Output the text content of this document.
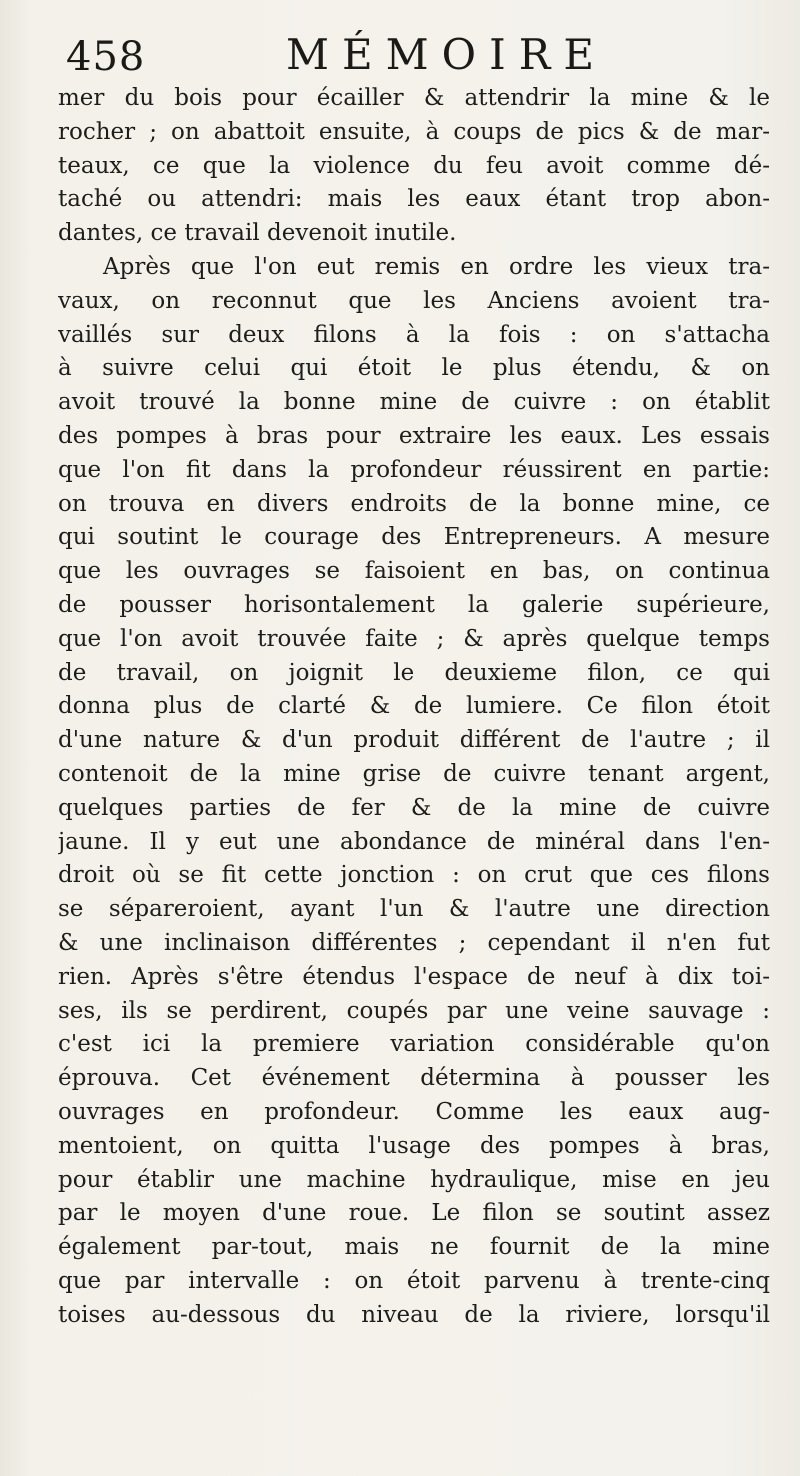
458	MÉMOIRE
mer du bois pour écailler & attendrir la mine & le
rocher ; on abattoit ensuite, à coups de pics & de mar-
teaux, ce que la violence du feu avoit comme dé-
taché ou attendri: mais les eaux étant trop abon-
dantes, ce travail devenoit inutile.
Après que l'on eut remis en ordre les vieux tra-
vaux, on reconnut que les Anciens avoient tra-
vaillés sur deux filons à la fois : on s'attacha
à suivre celui qui étoit le plus étendu, & on
avoit trouvé la bonne mine de cuivre : on établit
des pompes à bras pour extraire les eaux. Les essais
que l'on fit dans la profondeur réussirent en partie:
on trouva en divers endroits de la bonne mine, ce
qui soutint le courage des Entrepreneurs. A mesure
que les ouvrages se faisoient en bas, on continua
de pousser horisontalement la galerie supérieure,
que l'on avoit trouvée faite ; & après quelque temps
de travail, on joignit le deuxieme filon, ce qui
donna plus de clarté & de lumiere. Ce filon étoit
d'une nature & d'un produit différent de l'autre ; il
contenoit de la mine grise de cuivre tenant argent,
quelques parties de fer & de la mine de cuivre
jaune. Il y eut une abondance de minéral dans l'en-
droit où se fit cette jonction : on crut que ces filons
se sépareroient, ayant l'un & l'autre une direction
& une inclinaison différentes ; cependant il n'en fut
rien. Après s'être étendus l'espace de neuf à dix toi-
ses, ils se perdirent, coupés par une veine sauvage :
c'est ici la premiere variation considérable qu'on
éprouva. Cet événement détermina à pousser les
ouvrages en profondeur. Comme les eaux aug-
mentoient, on quitta l'usage des pompes à bras,
pour établir une machine hydraulique, mise en jeu
par le moyen d'une roue. Le filon se soutint assez
également par-tout, mais ne fournit de la mine
que par intervalle : on étoit parvenu à trente-cinq
toises au-dessous du niveau de la riviere, lorsqu'il
